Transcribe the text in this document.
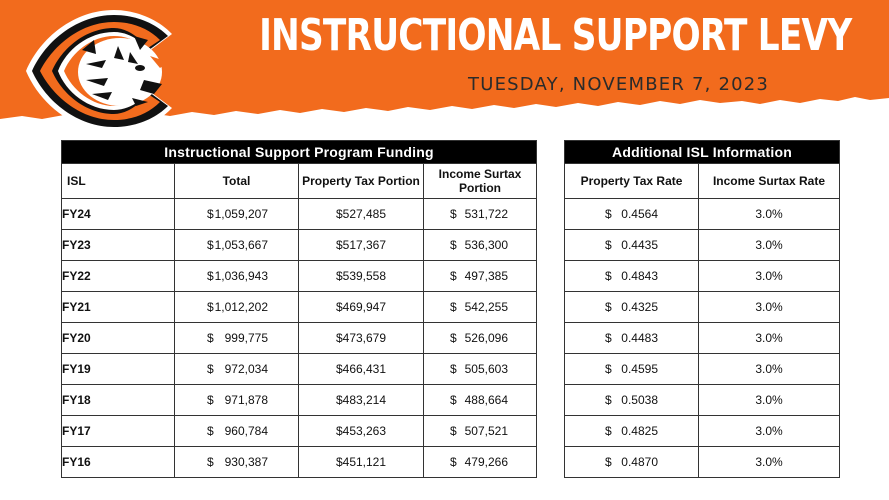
INSTRUCTIONAL SUPPORT LEVY
TUESDAY, NOVEMBER 7, 2023
Instructional Support Program Funding			
ISL	Total	Property Tax Portion	Income Surtax Portion
FY24	$ 1,059,207	$527,485	$ 531,722

FY23	$ 1,053,667	$517,367	$ 536,300

FY22	$ 1,036,943	$539,558	$ 497,385

FY21	$ 1,012,202	$469,947	$ 542,255

FY20	$ 999,775	$473,679	$ 526,096

FY19	$ 972,034	$466,431	$ 505,603

FY18	$ 971,878	$483,214	$ 488,664

FY17	$ 960,784	$453,263	$ 507,521

FY16	$ 930,387	$451,121	$ 479,266
Additional ISL Information	
Property Tax Rate	Income Surtax Rate

$ 0.4564	3.0%

$ 0.4435	3.0%

$ 0.4843	3.0%

$ 0.4325	3.0%

$ 0.4483	3.0%

$ 0.4595	3.0%

$ 0.5038	3.0%

$ 0.4825	3.0%

$ 0.4870	3.0%
